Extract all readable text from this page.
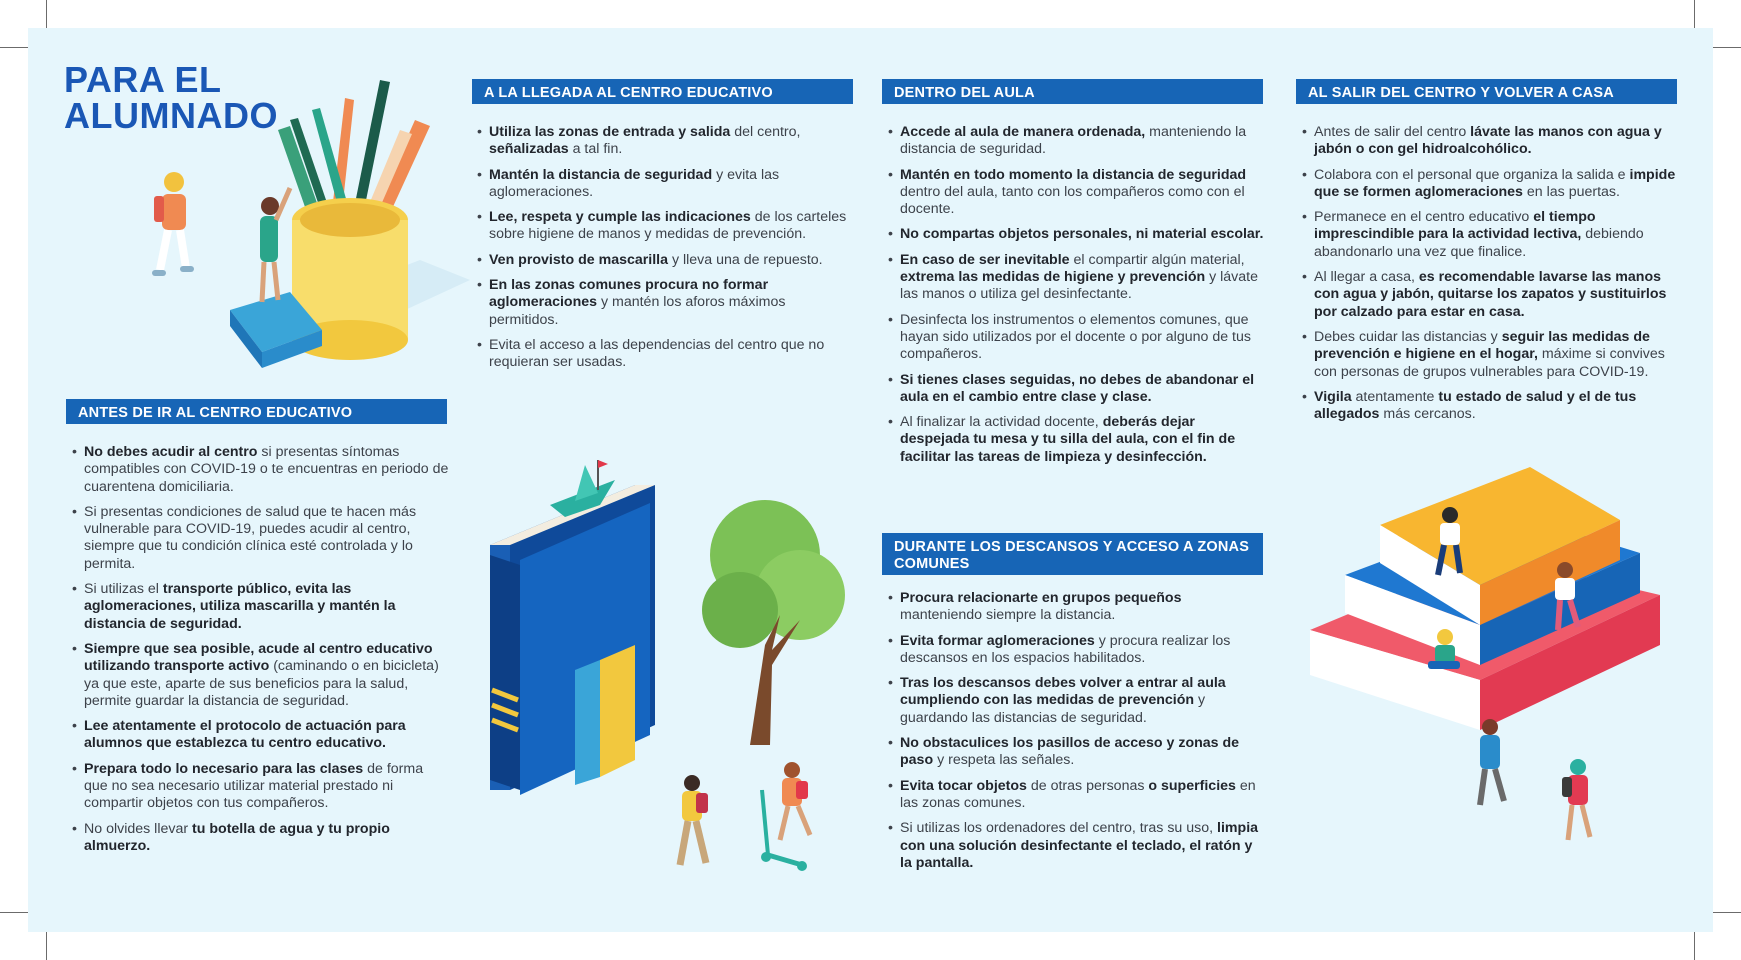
PARA EL
ALUMNADO
ANTES DE IR AL CENTRO EDUCATIVO
• No debes acudir al centro si presentas síntomas compatibles con COVID-19 o te encuentras en periodo de cuarentena domiciliaria.
• Si presentas condiciones de salud que te hacen más vulnerable para COVID-19, puedes acudir al centro, siempre que tu condición clínica esté controlada y lo permita.
• Si utilizas el transporte público, evita las aglomeraciones, utiliza mascarilla y mantén la distancia de seguridad.
• Siempre que sea posible, acude al centro educativo utilizando transporte activo (caminando o en bicicleta) ya que este, aparte de sus beneficios para la salud, permite guardar la distancia de seguridad.
• Lee atentamente el protocolo de actuación para alumnos que establezca tu centro educativo.
• Prepara todo lo necesario para las clases de forma que no sea necesario utilizar material prestado ni compartir objetos con tus compañeros.
• No olvides llevar tu botella de agua y tu propio almuerzo.
A LA LLEGADA AL CENTRO EDUCATIVO
• Utiliza las zonas de entrada y salida del centro, señalizadas a tal fin.
• Mantén la distancia de seguridad y evita las aglomeraciones.
• Lee, respeta y cumple las indicaciones de los carteles sobre higiene de manos y medidas de prevención.
• Ven provisto de mascarilla y lleva una de repuesto.
• En las zonas comunes procura no formar aglomeraciones y mantén los aforos máximos permitidos.
• Evita el acceso a las dependencias del centro que no requieran ser usadas.
DENTRO DEL AULA
• Accede al aula de manera ordenada, manteniendo la distancia de seguridad.
• Mantén en todo momento la distancia de seguridad dentro del aula, tanto con los compañeros como con el docente.
• No compartas objetos personales, ni material escolar.
• En caso de ser inevitable el compartir algún material, extrema las medidas de higiene y prevención y lávate las manos o utiliza gel desinfectante.
• Desinfecta los instrumentos o elementos comunes, que hayan sido utilizados por el docente o por alguno de tus compañeros.
• Si tienes clases seguidas, no debes de abandonar el aula en el cambio entre clase y clase.
• Al finalizar la actividad docente, deberás dejar despejada tu mesa y tu silla del aula, con el fin de facilitar las tareas de limpieza y desinfección.
DURANTE LOS DESCANSOS Y ACCESO A ZONAS COMUNES
• Procura relacionarte en grupos pequeños manteniendo siempre la distancia.
• Evita formar aglomeraciones y procura realizar los descansos en los espacios habilitados.
• Tras los descansos debes volver a entrar al aula cumpliendo con las medidas de prevención y guardando las distancias de seguridad.
• No obstaculices los pasillos de acceso y zonas de paso y respeta las señales.
• Evita tocar objetos de otras personas o superficies en las zonas comunes.
• Si utilizas los ordenadores del centro, tras su uso, limpia con una solución desinfectante el teclado, el ratón y la pantalla.
AL SALIR DEL CENTRO Y VOLVER A CASA
• Antes de salir del centro lávate las manos con agua y jabón o con gel hidroalcohólico.
• Colabora con el personal que organiza la salida e impide que se formen aglomeraciones en las puertas.
• Permanece en el centro educativo el tiempo imprescindible para la actividad lectiva, debiendo abandonarlo una vez que finalice.
• Al llegar a casa, es recomendable lavarse las manos con agua y jabón, quitarse los zapatos y sustituirlos por calzado para estar en casa.
• Debes cuidar las distancias y seguir las medidas de prevención e higiene en el hogar, máxime si convives con personas de grupos vulnerables para COVID-19.
• Vigila atentamente tu estado de salud y el de tus allegados más cercanos.
